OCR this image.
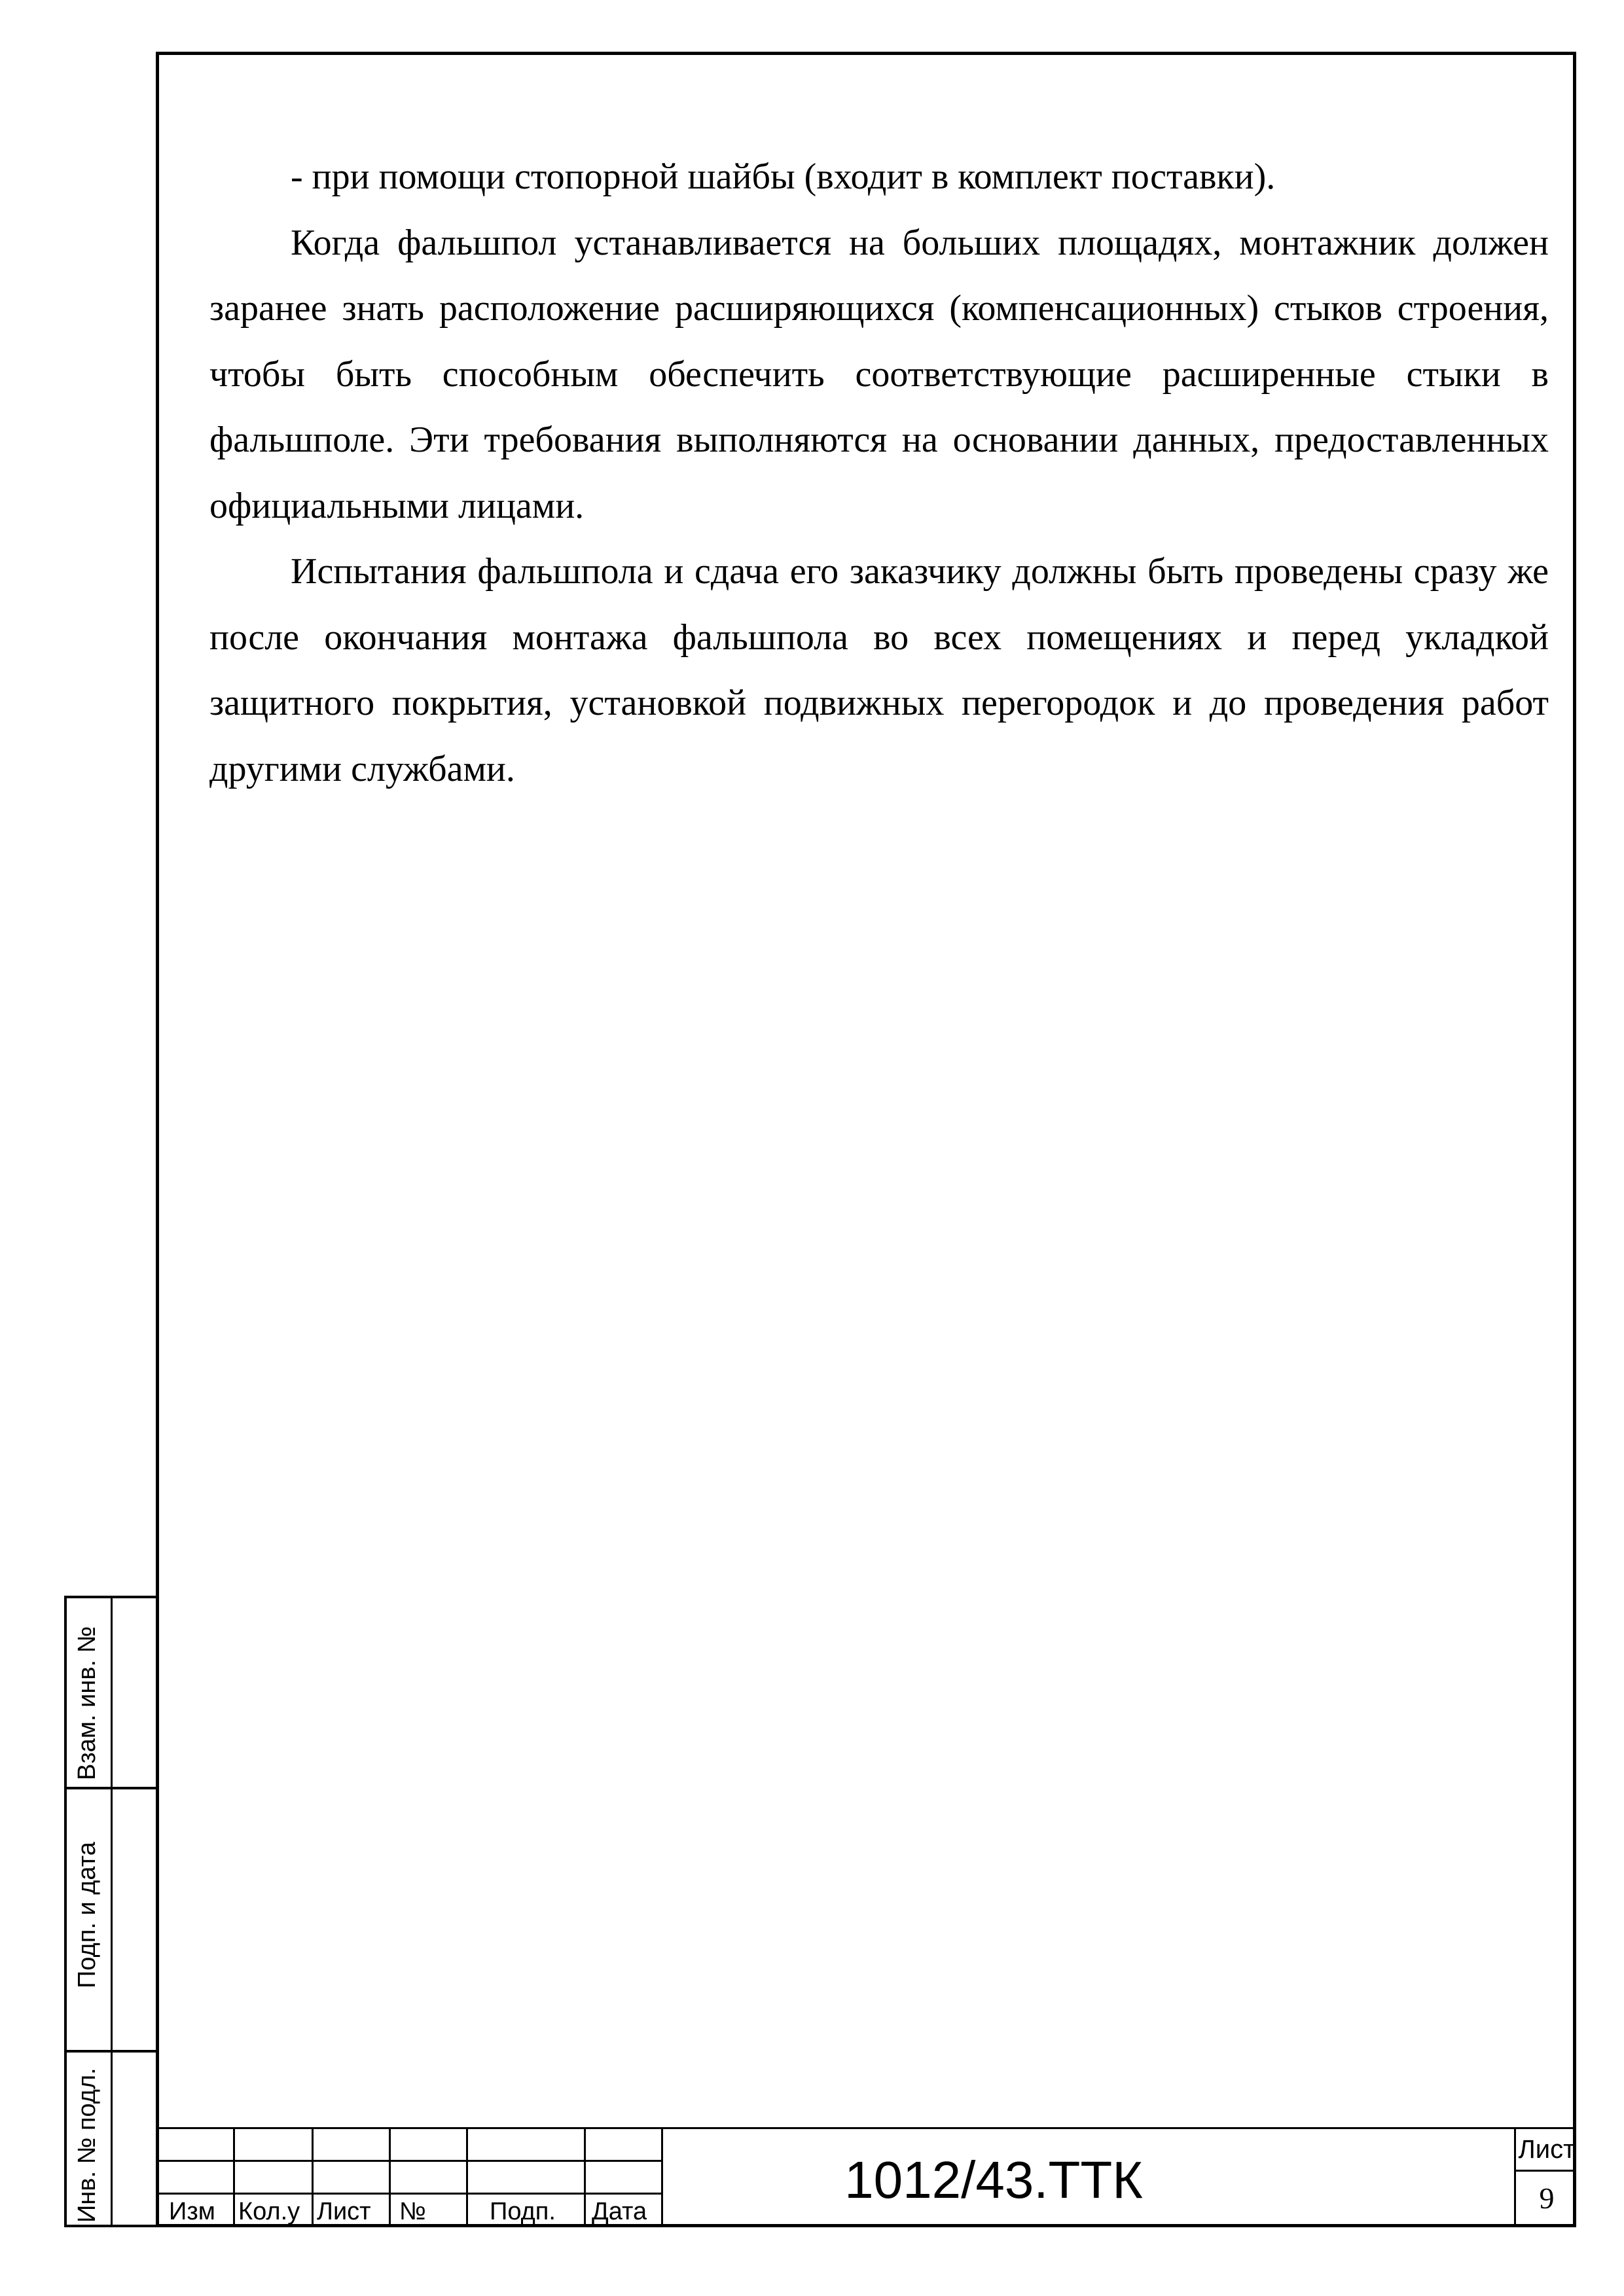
- при помощи стопорной шайбы (входит в комплект поставки).

Когда фальшпол устанавливается на больших площадях, монтажник должен заранее знать расположение расширяющихся (компенсационных) стыков строения, чтобы быть способным обеспечить соответствующие расширенные стыки в фальшполе. Эти требования выполняются на основании данных, предоставленных официальными лицами.

Испытания фальшпола и сдача его заказчику должны быть проведены сразу же после окончания монтажа фальшпола во всех помещениях и перед укладкой защитного покрытия, установкой подвижных перегородок и до проведения работ другими службами.

Взам. инв. №
Подп. и дата
Инв. № подл.	Изм Кол.у Лист №	Подп. Дата
1012/43.ТТК
Лист
9
